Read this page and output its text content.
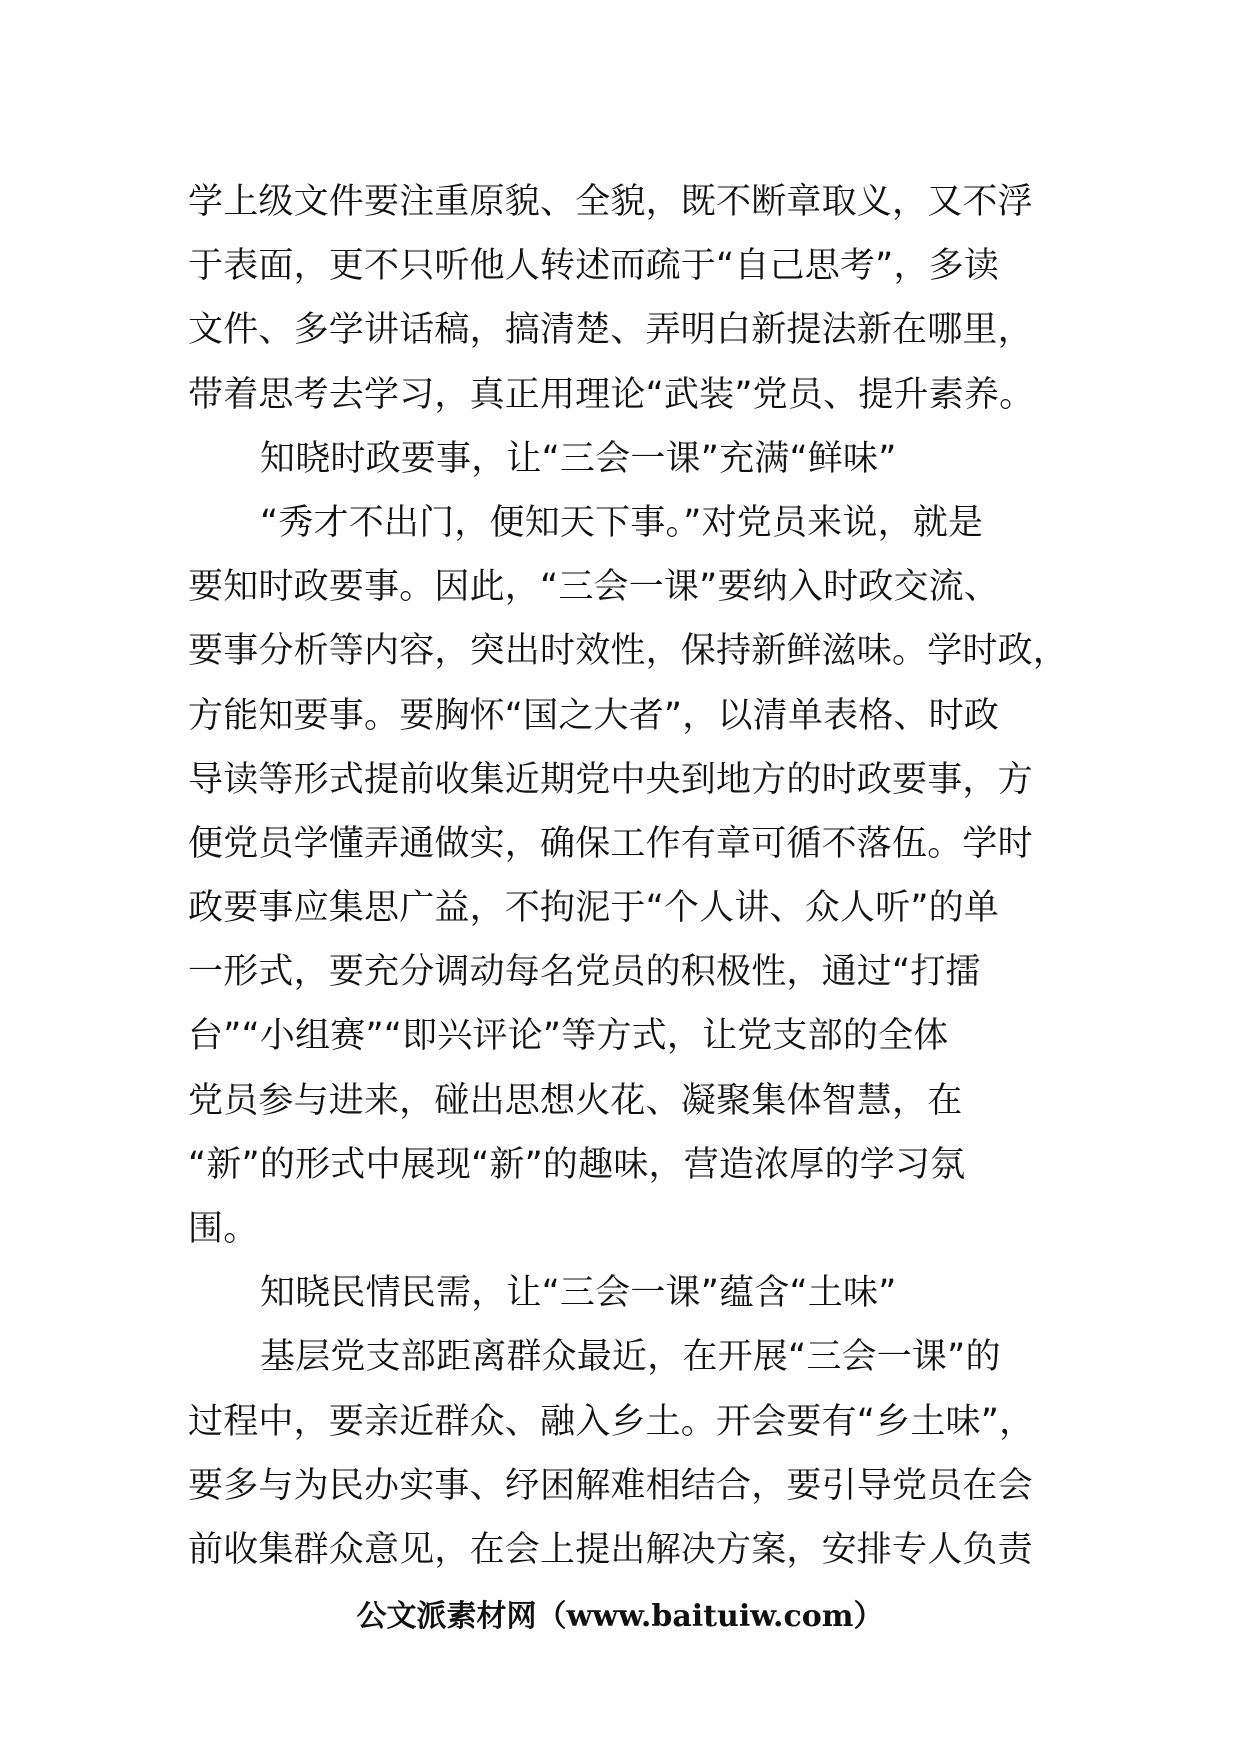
学上级文件要注重原貌、全貌，既不断章取义，又不浮
于表面，更不只听他人转述而疏于“自己思考”，多读
文件、多学讲话稿，搞清楚、弄明白新提法新在哪里，
带着思考去学习，真正用理论“武装”党员、提升素养。
知晓时政要事，让“三会一课”充满“鲜味”
“秀才不出门，便知天下事。”对党员来说，就是
要知时政要事。因此，“三会一课”要纳入时政交流、
要事分析等内容，突出时效性，保持新鲜滋味。学时政，
方能知要事。要胸怀“国之大者”，以清单表格、时政
导读等形式提前收集近期党中央到地方的时政要事，方
便党员学懂弄通做实，确保工作有章可循不落伍。学时
政要事应集思广益，不拘泥于“个人讲、众人听”的单
一形式，要充分调动每名党员的积极性，通过“打擂
台”“小组赛”“即兴评论”等方式，让党支部的全体
党员参与进来，碰出思想火花、凝聚集体智慧，在
“新”的形式中展现“新”的趣味，营造浓厚的学习氛
围。
知晓民情民需，让“三会一课”蕴含“土味”
基层党支部距离群众最近，在开展“三会一课”的
过程中，要亲近群众、融入乡土。开会要有“乡土味”，
要多与为民办实事、纾困解难相结合，要引导党员在会
前收集群众意见，在会上提出解决方案，安排专人负责
公文派素材网（www.baituiw.com）
